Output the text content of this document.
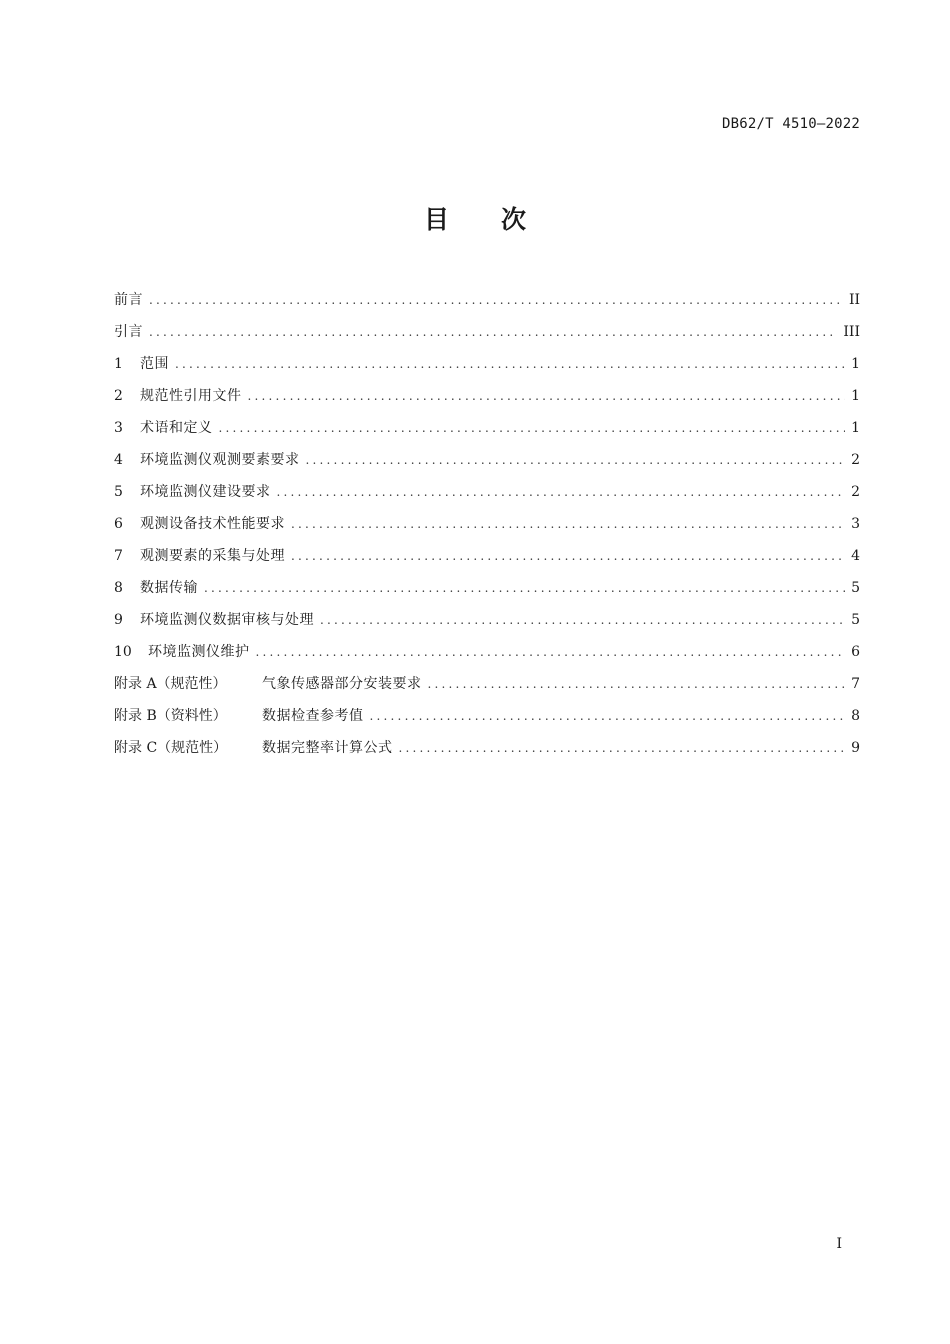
DB62/T 4510—2022
目 次
前言 .....	II
引言 .....	III
1	范围 .....	1
2	规范性引用文件 .....	1
3	术语和定义 .....	1
4	环境监测仪观测要素要求 .....	2
5	环境监测仪建设要求 .....	2
6	观测设备技术性能要求 .....	3
7	观测要素的采集与处理 .....	4
8	数据传输 .....	5
9	环境监测仪数据审核与处理 .....	5
10	环境监测仪维护 .....	6
附录 A（规范性）	气象传感器部分安装要求 .....	7
附录 B（资料性）	数据检查参考值 .....	8
附录 C（规范性）	数据完整率计算公式 .....	9
I
